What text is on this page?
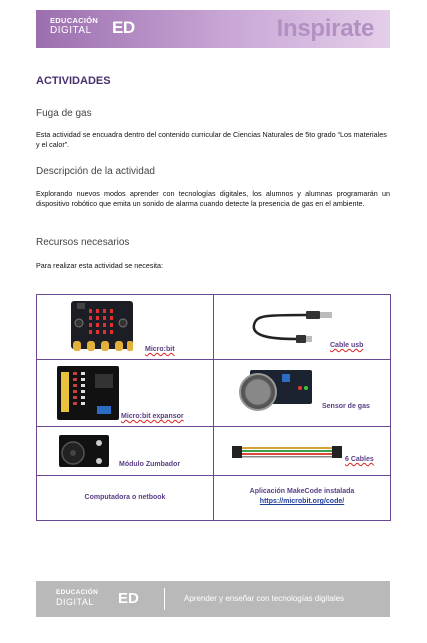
EDUCACIÓN
DIGITAL	ED	Inspirate
ACTIVIDADES
Fuga de gas
Esta actividad se encuadra dentro del contenido curricular de Ciencias Naturales de 5to grado “Los materiales y el calor”.
Descripción de la actividad
Explorando nuevos modos aprender con tecnologías digitales, los alumnos y alumnas programarán un dispositivo robótico que emita un sonido de alarma cuando detecte la presencia de gas en el ambiente.
Recursos necesarios
Para realizar esta actividad se necesita:
Micro:bit	Cable usb

Micro:bit expansor	Sensor de gas

Módulo Zumbador	6 Cables

Computadora o netbook	Aplicación MakeCode instalada
https://microbit.org/code/
EDUCACIÓN
DIGITAL ED	Aprender y enseñar con tecnologías digitales
